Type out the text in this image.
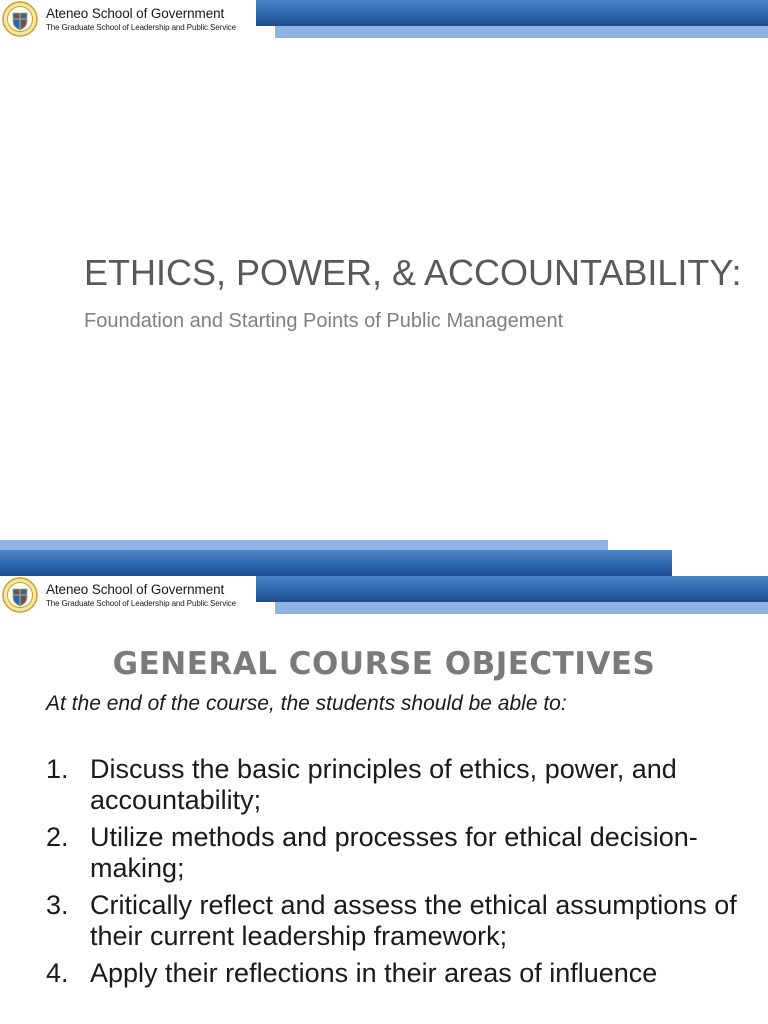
Ateneo School of Government
The Graduate School of Leadership and Public Service
ETHICS, POWER, & ACCOUNTABILITY:
Foundation and Starting Points of Public Management
Ateneo School of Government
The Graduate School of Leadership and Public Service
GENERAL COURSE OBJECTIVES
At the end of the course, the students should be able to:
1. Discuss the basic principles of ethics, power, and accountability;
2. Utilize methods and processes for ethical decision-making;
3. Critically reflect and assess the ethical assumptions of their current leadership framework;
4. Apply their reflections in their areas of influence
